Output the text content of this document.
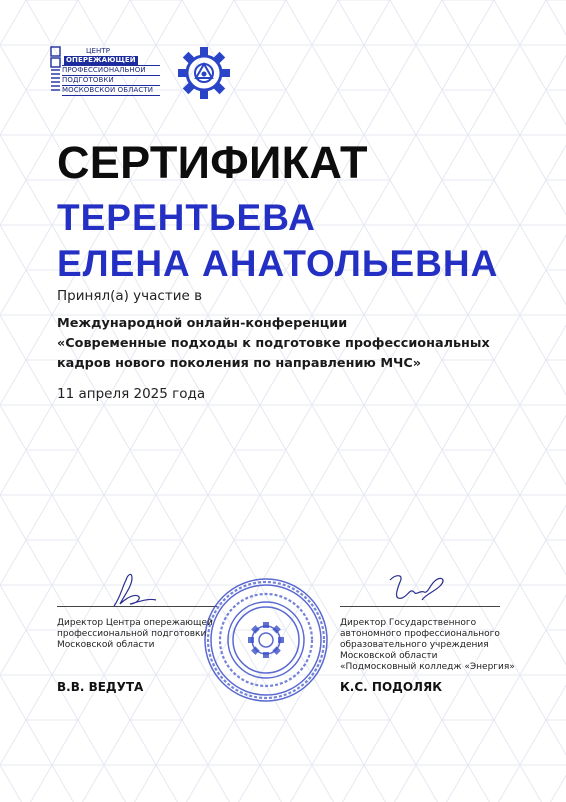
ЦЕНТР
ОПЕРЕЖАЮЩЕЙ
ПРОФЕССИОНАЛЬНОЙ
ПОДГОТОВКИ
МОСКОВСКОЙ ОБЛАСТИ
СЕРТИФИКАТ
ТЕРЕНТЬЕВА
ЕЛЕНА АНАТОЛЬЕВНА
Принял(а) участие в
Международной онлайн-конференции
«Современные подходы к подготовке профессиональных
кадров нового поколения по направлению МЧС»
11 апреля 2025 года
Директор Центра опережающей
профессиональной подготовки
Московской области
Директор Государственного
автономного профессионального
образовательного учреждения
Московской области
«Подмосковный колледж «Энергия»
В.В. ВЕДУТА	К.С. ПОДОЛЯК
